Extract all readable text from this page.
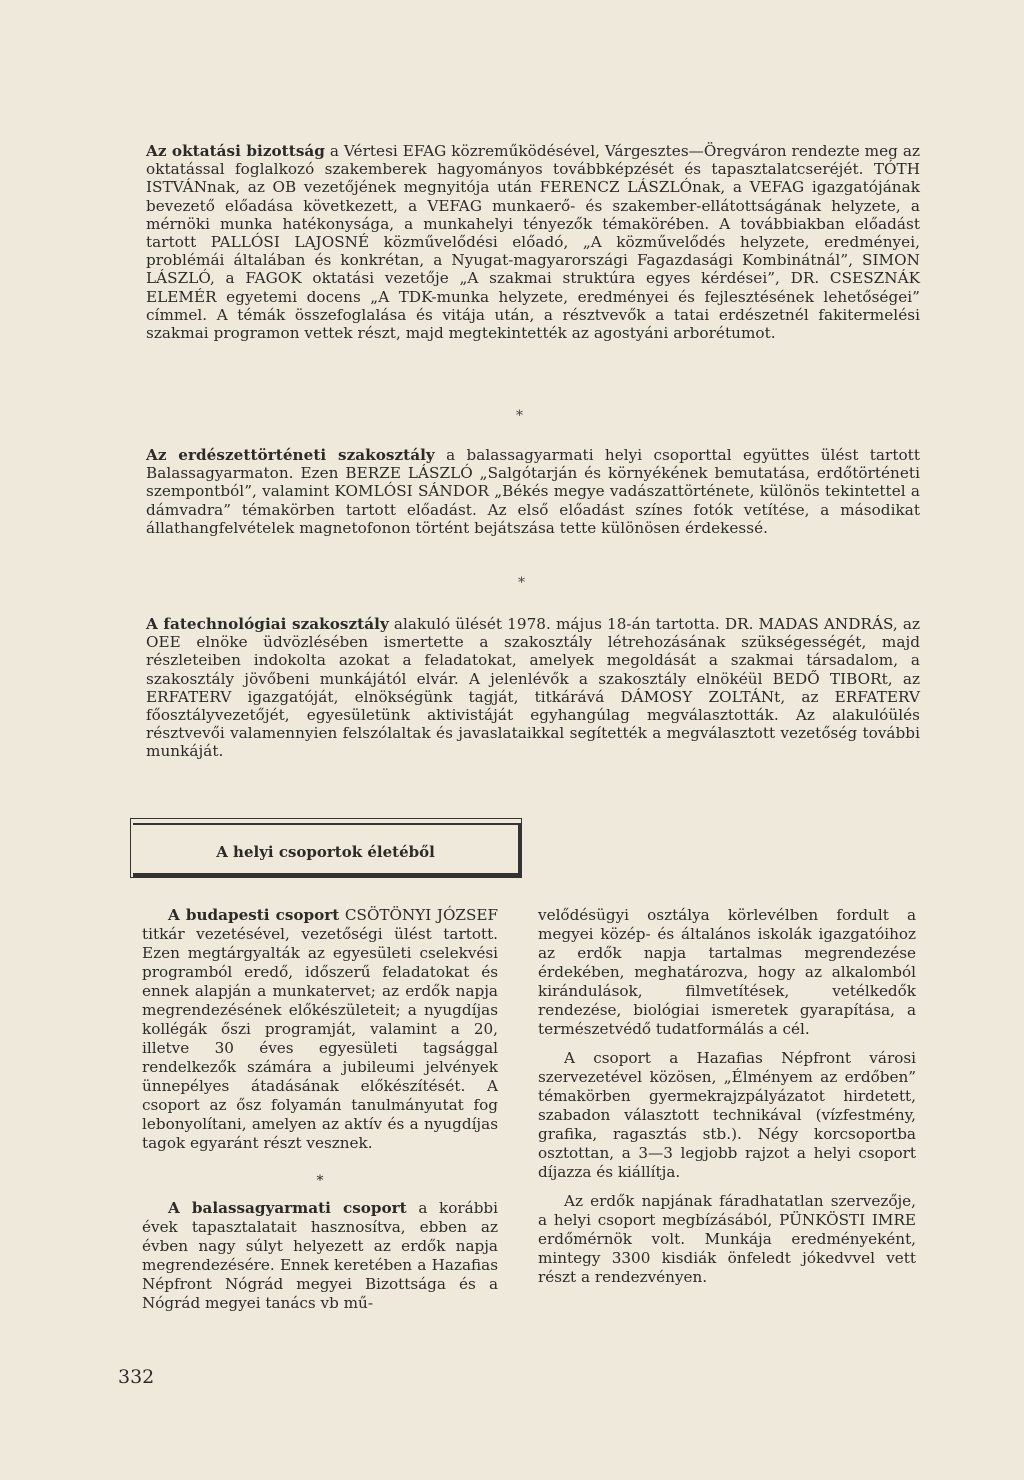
Az oktatási bizottság a Vértesi EFAG közreműködésével, Várgesztes—Öregváron rendezte meg az oktatással foglalkozó szakemberek hagyományos továbbképzését és tapasztalatcseréjét. TÓTH ISTVÁNnak, az OB vezetőjének megnyitója után FERENCZ LÁSZLÓnak, a VEFAG igazgatójának bevezető előadása következett, a VEFAG munkaerő- és szakember-ellátottságának helyzete, a mérnöki munka hatékonysága, a munkahelyi tényezők témakörében. A továbbiakban előadást tartott PALLÓSI LAJOSNÉ közművelődési előadó, „A közművelődés helyzete, eredményei, problémái általában és konkrétan, a Nyugat-magyarországi Fagazdasági Kombinátnál”, SIMON LÁSZLÓ, a FAGOK oktatási vezetője „A szakmai struktúra egyes kérdései”, DR. CSESZNÁK ELEMÉR egyetemi docens „A TDK-munka helyzete, eredményei és fejlesztésének lehetőségei” címmel. A témák összefoglalása és vitája után, a résztvevők a tatai erdészetnél fakitermelési szakmai programon vettek részt, majd megtekintették az agostyáni arborétumot.
*
Az erdészettörténeti szakosztály a balassagyarmati helyi csoporttal együttes ülést tartott Balassagyarmaton. Ezen BERZE LÁSZLÓ „Salgótarján és környékének bemutatása, erdőtörténeti szempontból”, valamint KOMLÓSI SÁNDOR „Békés megye vadászattörténete, különös tekintettel a dámvadra” témakörben tartott előadást. Az első előadást színes fotók vetítése, a másodikat állathangfelvételek magnetofonon történt bejátszása tette különösen érdekessé.
*
A fatechnológiai szakosztály alakuló ülését 1978. május 18-án tartotta. DR. MADAS ANDRÁS, az OEE elnöke üdvözlésében ismertette a szakosztály létrehozásának szükségességét, majd részleteiben indokolta azokat a feladatokat, amelyek megoldását a szakmai társadalom, a szakosztály jövőbeni munkájától elvár. A jelenlévők a szakosztály elnökéül BEDŐ TIBORt, az ERFATERV igazgatóját, elnökségünk tagját, titkárává DÁMOSY ZOLTÁNt, az ERFATERV főosztályvezetőjét, egyesületünk aktivistáját egyhangúlag megválasztották. Az alakulóülés résztvevői valamennyien felszólaltak és javaslataikkal segítették a megválasztott vezetőség további munkáját.
A helyi csoportok életéből

A budapesti csoport CSÖTÖNYI JÓZSEF titkár vezetésével, vezetőségi ülést tartott. Ezen megtárgyalták az egyesületi cselekvési programból eredő, időszerű feladatokat és ennek alapján a munkatervet; az erdők napja megrendezésének előkészületeit; a nyugdíjas kollégák őszi programját, valamint a 20, illetve 30 éves egyesületi tagsággal rendelkezők számára a jubileumi jelvények ünnepélyes átadásának előkészítését. A csoport az ősz folyamán tanulmányutat fog lebonyolítani, amelyen az aktív és a nyugdíjas tagok egyaránt részt vesznek.

*

A balassagyarmati csoport a korábbi évek tapasztalatait hasznosítva, ebben az évben nagy súlyt helyezett az erdők napja megrendezésére. Ennek keretében a Hazafias Népfront Nógrád megyei Bizottsága és a Nógrád megyei tanács vb mű-

velődésügyi osztálya körlevélben fordult a megyei közép- és általános iskolák igazgatóihoz az erdők napja tartalmas megrendezése érdekében, meghatározva, hogy az alkalomból kirándulások, filmvetítések, vetélkedők rendezése, biológiai ismeretek gyarapítása, a természetvédő tudatformálás a cél.

A csoport a Hazafias Népfront városi szervezetével közösen, „Élményem az erdőben” témakörben gyermekrajzpályázatot hirdetett, szabadon választott technikával (vízfestmény, grafika, ragasztás stb.). Négy korcsoportba osztottan, a 3—3 legjobb rajzot a helyi csoport díjazza és kiállítja.

Az erdők napjának fáradhatatlan szervezője, a helyi csoport megbízásából, PÜNKÖSTI IMRE erdőmérnök volt. Munkája eredményeként, mintegy 3300 kisdiák önfeledt jókedvvel vett részt a rendezvényen.

332
